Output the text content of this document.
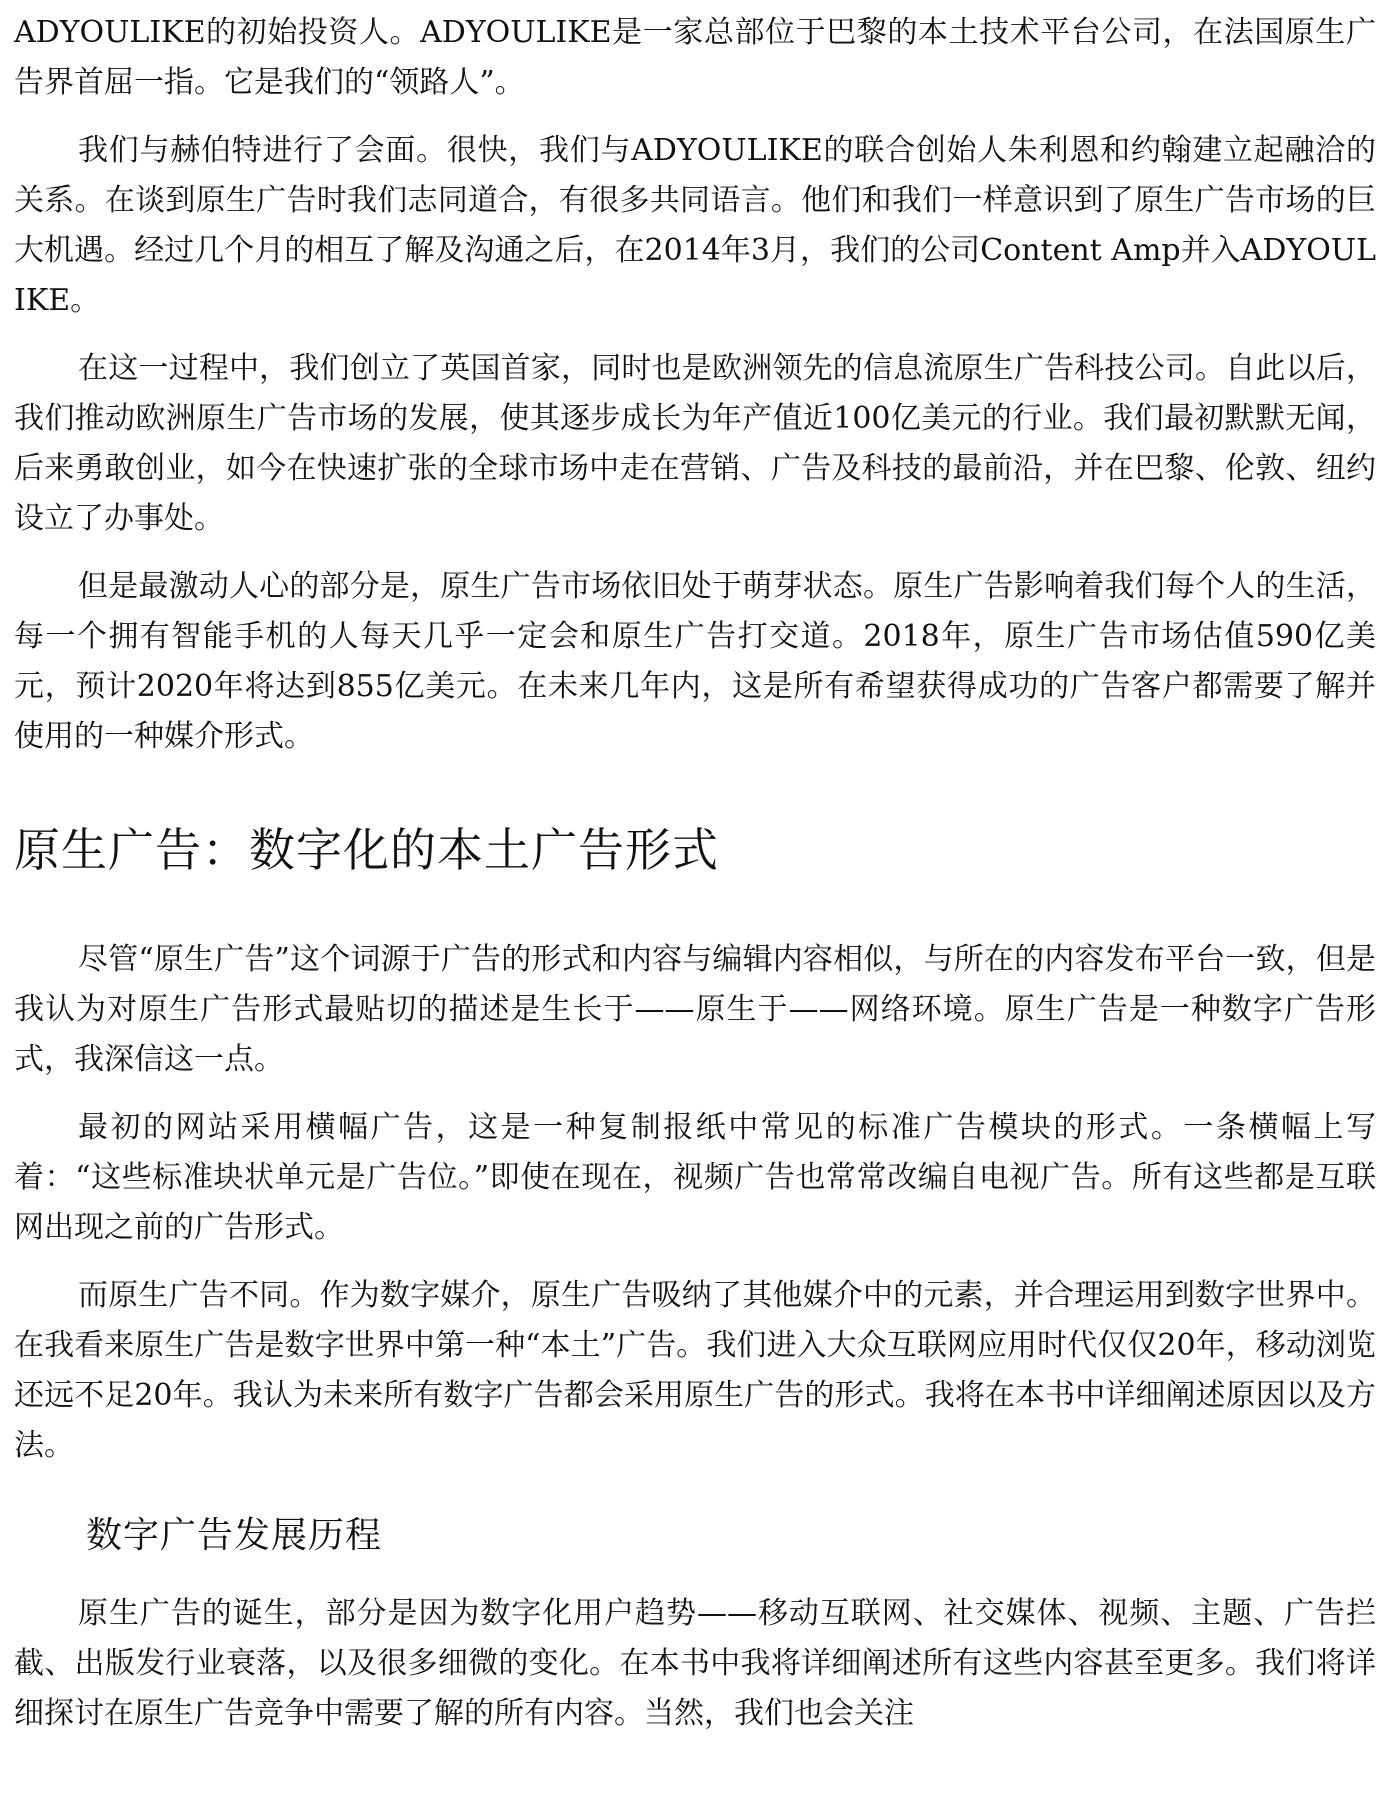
ADYOULIKE的初始投资人。ADYOULIKE是一家总部位于巴黎的本土技术平台公司，在法国原生广告界首屈一指。它是我们的“领路人”。

我们与赫伯特进行了会面。很快，我们与ADYOULIKE的联合创始人朱利恩和约翰建立起融洽的关系。在谈到原生广告时我们志同道合，有很多共同语言。他们和我们一样意识到了原生广告市场的巨大机遇。经过几个月的相互了解及沟通之后，在2014年3月，我们的公司Content Amp并入ADYOULIKE。

在这一过程中，我们创立了英国首家，同时也是欧洲领先的信息流原生广告科技公司。自此以后，我们推动欧洲原生广告市场的发展，使其逐步成长为年产值近100亿美元的行业。我们最初默默无闻，后来勇敢创业，如今在快速扩张的全球市场中走在营销、广告及科技的最前沿，并在巴黎、伦敦、纽约设立了办事处。

但是最激动人心的部分是，原生广告市场依旧处于萌芽状态。原生广告影响着我们每个人的生活，每一个拥有智能手机的人每天几乎一定会和原生广告打交道。2018年，原生广告市场估值590亿美元，预计2020年将达到855亿美元。在未来几年内，这是所有希望获得成功的广告客户都需要了解并使用的一种媒介形式。

原生广告：数字化的本土广告形式

尽管“原生广告”这个词源于广告的形式和内容与编辑内容相似，与所在的内容发布平台一致，但是我认为对原生广告形式最贴切的描述是生长于——原生于——网络环境。原生广告是一种数字广告形式，我深信这一点。

最初的网站采用横幅广告，这是一种复制报纸中常见的标准广告模块的形式。一条横幅上写着：“这些标准块状单元是广告位。”即使在现在，视频广告也常常改编自电视广告。所有这些都是互联网出现之前的广告形式。

而原生广告不同。作为数字媒介，原生广告吸纳了其他媒介中的元素，并合理运用到数字世界中。在我看来原生广告是数字世界中第一种“本土”广告。我们进入大众互联网应用时代仅仅20年，移动浏览还远不足20年。我认为未来所有数字广告都会采用原生广告的形式。我将在本书中详细阐述原因以及方法。

数字广告发展历程

原生广告的诞生，部分是因为数字化用户趋势——移动互联网、社交媒体、视频、主题、广告拦截、出版发行业衰落，以及很多细微的变化。在本书中我将详细阐述所有这些内容甚至更多。我们将详细探讨在原生广告竞争中需要了解的所有内容。当然，我们也会关注
